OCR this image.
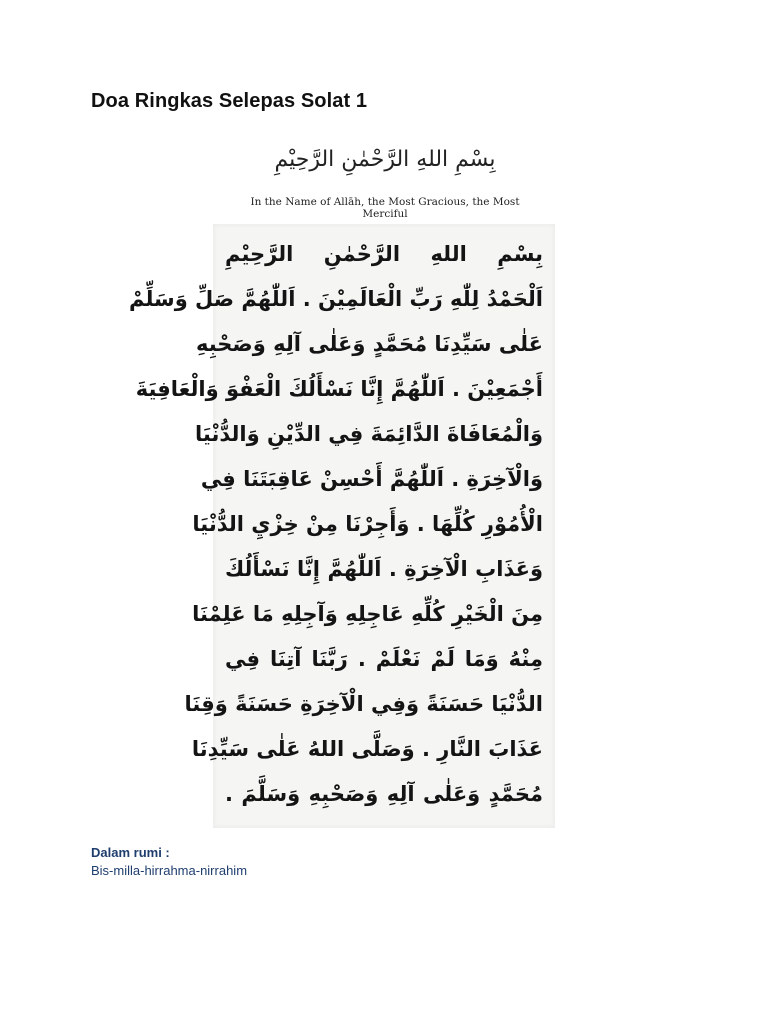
Doa Ringkas Selepas Solat 1
بِسْمِ اللهِ الرَّحْمٰنِ الرَّحِيْمِ
In the Name of Allāh, the Most Gracious, the Most Merciful
بِسْمِ اللهِ الرَّحْمٰنِ الرَّحِيْمِ
اَلْحَمْدُ لِلّٰهِ رَبِّ الْعَالَمِيْنَ . اَللّٰهُمَّ صَلِّ وَسَلِّمْ
عَلٰى سَيِّدِنَا مُحَمَّدٍ وَعَلٰى آلِهِ وَصَحْبِهِ
أَجْمَعِيْنَ . اَللّٰهُمَّ إِنَّا نَسْأَلُكَ الْعَفْوَ وَالْعَافِيَةَ
وَالْمُعَافَاةَ الدَّائِمَةَ فِي الدِّيْنِ وَالدُّنْيَا
وَالْآخِرَةِ . اَللّٰهُمَّ أَحْسِنْ عَاقِبَتَنَا فِي
الْأُمُوْرِ كُلِّهَا . وَأَجِرْنَا مِنْ خِزْيِ الدُّنْيَا
وَعَذَابِ الْآخِرَةِ . اَللّٰهُمَّ إِنَّا نَسْأَلُكَ
مِنَ الْخَيْرِ كُلِّهِ عَاجِلِهِ وَآجِلِهِ مَا عَلِمْنَا
مِنْهُ وَمَا لَمْ نَعْلَمْ . رَبَّنَا آتِنَا فِي
الدُّنْيَا حَسَنَةً وَفِي الْآخِرَةِ حَسَنَةً وَقِنَا
عَذَابَ النَّارِ . وَصَلَّى اللهُ عَلٰى سَيِّدِنَا
مُحَمَّدٍ وَعَلٰى آلِهِ وَصَحْبِهِ وَسَلَّمَ .

Dalam rumi :

Bis-milla-hirrahma-nirrahim
